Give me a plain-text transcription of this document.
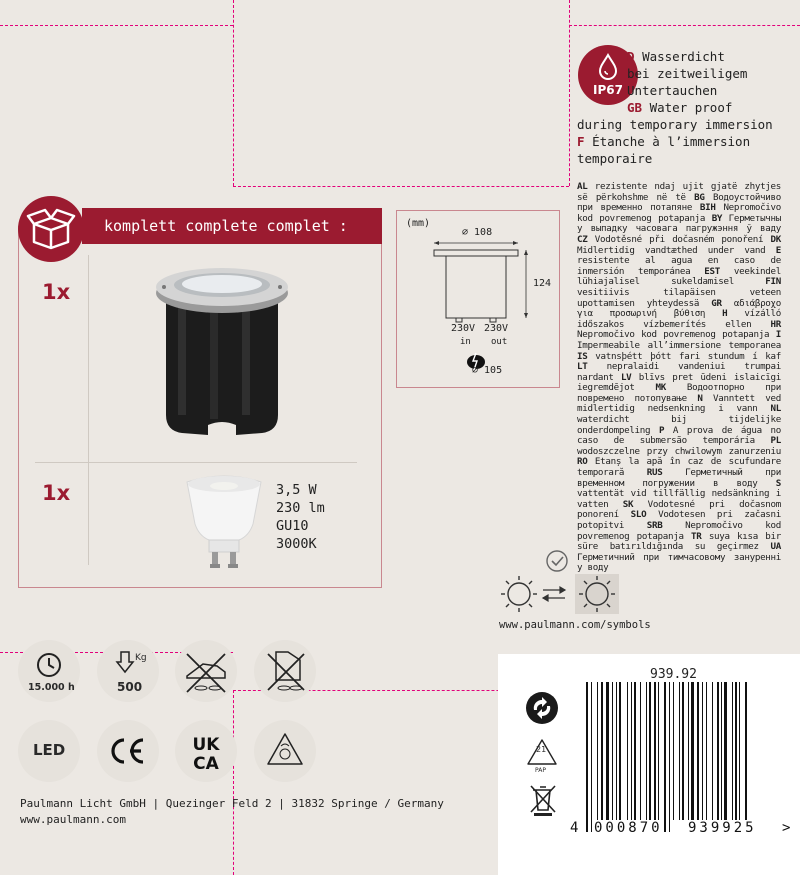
IP67
D Wasserdicht
bei zeitweiligem
Untertauchen
GB Water proof
during temporary immersion
F Étanche à l’immersion
temporaire
AL rezistente ndaj ujit gjatë zhytjes së përkohshme në të BG Водоустойчиво при временно потапяне BIH Nepromočivo kod povremenog potapanja BY Герметычны у выпадку часовага пагружэння ў ваду CZ Vodotěsné při dočasném ponoření DK Midlertidig vandtæthed under vand E resistente al agua en caso de inmersión temporánea EST veekindel lühiajalisel sukeldamisel FIN vesitiivis tilapäisen veteen upottamisen yhteydessä GR αδιάβροχο για προσωρινή βύθιση H vízálló időszakos vízbemerítés ellen HR Nepromočivo kod povremenog potapanja I Impermeabile all’immersione temporanea IS vatnsþétt þótt fari stundum í kaf LT nepralaidi vandeniui trumpai nardant LV blīvs pret ūdeni islaicīgi iegremdējot MK Водоотпорно при повремено потопување N Vanntett ved midlertidig nedsenkning i vann NL waterdicht bij tijdelijke onderdompeling P A prova de água no caso de submersão temporária PL wodoszczelne przy chwilowym zanurzeniu RO Etanș la apă în caz de scufundare temporară RUS Герметичный при временном погружении в воду S vattentät vid tillfällig nedsänkning i vatten SK Vodotesné pri dočasnom ponorení SLO Vodotesen pri začasni potopitvi SRB Nepromočivo kod povremenog potapanja TR suya kısa bir süre batırıldığında su geçirmez UA Герметичний при тимчасовому зануренні у воду
komplett complete complet :
1x
1x	3,5 W
230 lm
GU10
3000K
(mm)
⌀ 108
124
230V 230V
in out
⌀ 105
www.paulmann.com/symbols
15.000 h
Kg
500
LED	UK
CA
Paulmann Licht GmbH | Quezinger Feld 2 | 31832 Springe / Germany
www.paulmann.com
939.92
21
PAP
4 000870 939925 >
